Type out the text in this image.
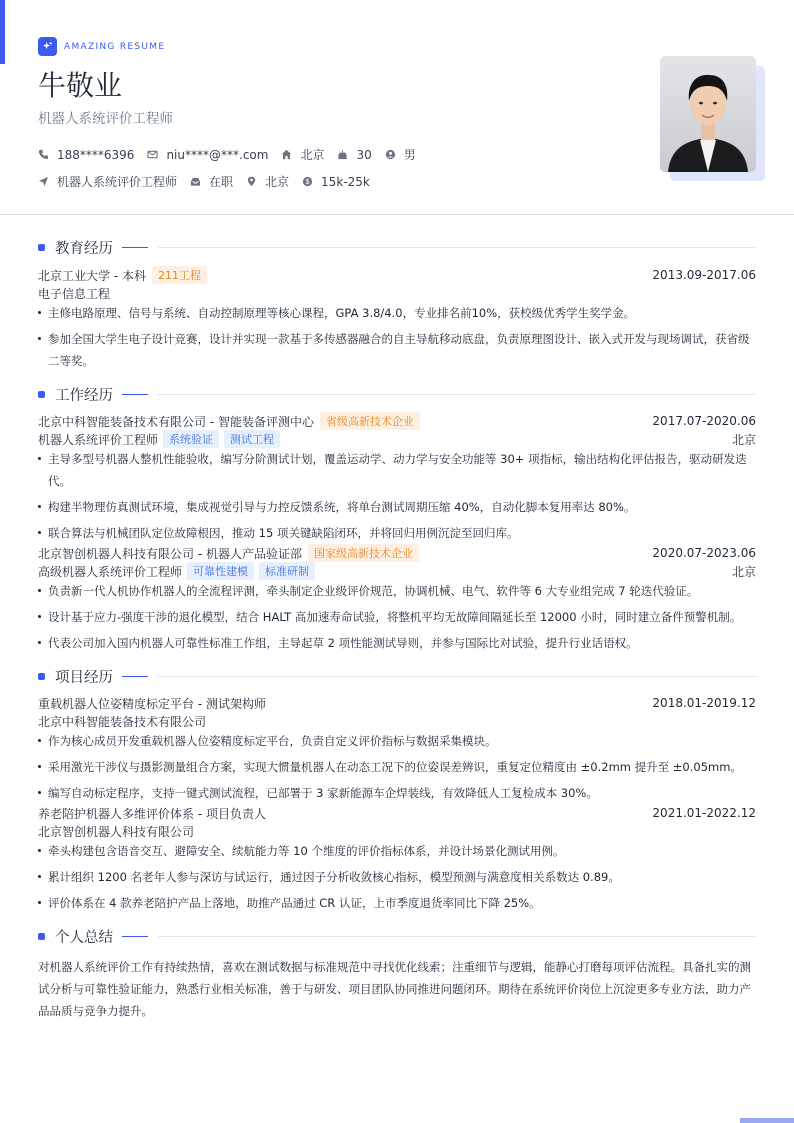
AMAZING RESUME
牛敬业
机器人系统评价工程师
188****6396	niu****@***.com	北京	30	男
机器人系统评价工程师	在职	北京 $ 15k-25k
教育经历
北京工业大学 - 本科	211工程	2013.09-2017.06
电子信息工程
主修电路原理、信号与系统、自动控制原理等核心课程，GPA 3.8/4.0，专业排名前10%，获校级优秀学生奖学金。
参加全国大学生电子设计竞赛，设计并实现一款基于多传感器融合的自主导航移动底盘，负责原理图设计、嵌入式开发与现场调试，获省级二等奖。
工作经历
北京中科智能装备技术有限公司 - 智能装备评测中心	省级高新技术企业	2017.07-2020.06
机器人系统评价工程师	系统验证	测试工程	北京
主导多型号机器人整机性能验收，编写分阶测试计划，覆盖运动学、动力学与安全功能等 30+ 项指标，输出结构化评估报告，驱动研发迭代。
构建半物理仿真测试环境，集成视觉引导与力控反馈系统，将单台测试周期压缩 40%，自动化脚本复用率达 80%。
联合算法与机械团队定位故障根因，推动 15 项关键缺陷闭环，并将回归用例沉淀至回归库。
北京智创机器人科技有限公司 - 机器人产品验证部	国家级高新技术企业	2020.07-2023.06
高级机器人系统评价工程师	可靠性建模	标准研制	北京
负责新一代人机协作机器人的全流程评测，牵头制定企业级评价规范，协调机械、电气、软件等 6 大专业组完成 7 轮迭代验证。
设计基于应力-强度干涉的退化模型，结合 HALT 高加速寿命试验，将整机平均无故障间隔延长至 12000 小时，同时建立备件预警机制。
代表公司加入国内机器人可靠性标准工作组，主导起草 2 项性能测试导则，并参与国际比对试验，提升行业话语权。
项目经历
重载机器人位姿精度标定平台 - 测试架构师	2018.01-2019.12
北京中科智能装备技术有限公司
作为核心成员开发重载机器人位姿精度标定平台，负责自定义评价指标与数据采集模块。
采用激光干涉仪与摄影测量组合方案，实现大惯量机器人在动态工况下的位姿误差辨识，重复定位精度由 ±0.2mm 提升至 ±0.05mm。
编写自动标定程序，支持一键式测试流程，已部署于 3 家新能源车企焊装线，有效降低人工复检成本 30%。
养老陪护机器人多维评价体系 - 项目负责人	2021.01-2022.12
北京智创机器人科技有限公司
牵头构建包含语音交互、避障安全、续航能力等 10 个维度的评价指标体系，并设计场景化测试用例。
累计组织 1200 名老年人参与深访与试运行，通过因子分析收敛核心指标，模型预测与满意度相关系数达 0.89。
评价体系在 4 款养老陪护产品上落地，助推产品通过 CR 认证，上市季度退货率同比下降 25%。
个人总结

对机器人系统评价工作有持续热情，喜欢在测试数据与标准规范中寻找优化线索；注重细节与逻辑，能静心打磨每项评估流程。具备扎实的测试分析与可靠性验证能力，熟悉行业相关标准，善于与研发、项目团队协同推进问题闭环。期待在系统评价岗位上沉淀更多专业方法，助力产品品质与竞争力提升。
